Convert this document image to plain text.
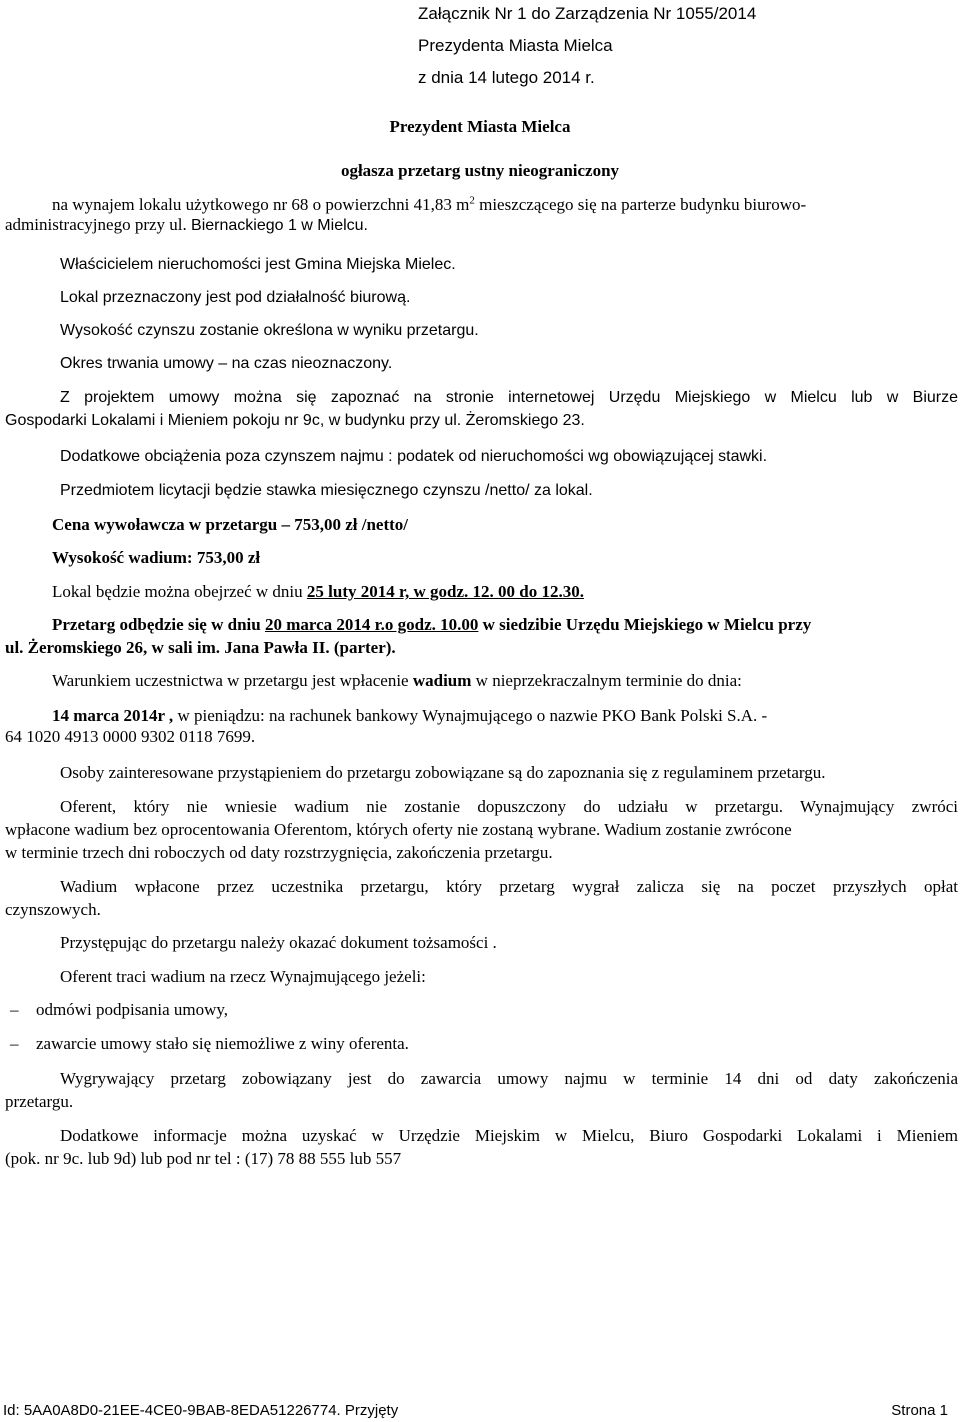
Załącznik Nr 1 do Zarządzenia Nr 1055/2014
Prezydenta Miasta Mielca
z dnia 14 lutego 2014 r.
Prezydent Miasta Mielca
ogłasza przetarg ustny nieograniczony
na wynajem lokalu użytkowego nr 68 o powierzchni 41,83 $m^2$ mieszczącego się na parterze budynku biurowo-
administracyjnego przy ul. Biernackiego 1 w Mielcu.
Właścicielem nieruchomości jest Gmina Miejska Mielec.
Lokal przeznaczony jest pod działalność biurową.
Wysokość czynszu zostanie określona w wyniku przetargu.
Okres trwania umowy – na czas nieoznaczony.
Z projektem umowy można się zapoznać na stronie internetowej Urzędu Miejskiego w Mielcu lub w Biurze
Gospodarki Lokalami i Mieniem pokoju nr 9c, w budynku przy ul. Żeromskiego 23.
Dodatkowe obciążenia poza czynszem najmu : podatek od nieruchomości wg obowiązującej stawki.
Przedmiotem licytacji będzie stawka miesięcznego czynszu /netto/ za lokal.
Cena wywoławcza w przetargu – 753,00 zł /netto/
Wysokość wadium: 753,00 zł
Lokal będzie można obejrzeć w dniu 25 luty 2014 r, w godz. 12. 00 do 12.30.
Przetarg odbędzie się w dniu 20 marca 2014 r.o godz. 10.00 w siedzibie Urzędu Miejskiego w Mielcu przy
ul. Żeromskiego 26, w sali im. Jana Pawła II. (parter).
Warunkiem uczestnictwa w przetargu jest wpłacenie wadium w nieprzekraczalnym terminie do dnia:
14 marca 2014r , w pieniądzu: na rachunek bankowy Wynajmującego o nazwie PKO Bank Polski S.A. -
64 1020 4913 0000 9302 0118 7699.
Osoby zainteresowane przystąpieniem do przetargu zobowiązane są do zapoznania się z regulaminem przetargu.
Oferent, który nie wniesie wadium nie zostanie dopuszczony do udziału w przetargu. Wynajmujący zwróci
wpłacone wadium bez oprocentowania Oferentom, których oferty nie zostaną wybrane. Wadium zostanie zwrócone
w terminie trzech dni roboczych od daty rozstrzygnięcia, zakończenia przetargu.
Wadium wpłacone przez uczestnika przetargu, który przetarg wygrał zalicza się na poczet przyszłych opłat
czynszowych.
Przystępując do przetargu należy okazać dokument tożsamości .
Oferent traci wadium na rzecz Wynajmującego jeżeli:
– odmówi podpisania umowy,
– zawarcie umowy stało się niemożliwe z winy oferenta.
Wygrywający przetarg zobowiązany jest do zawarcia umowy najmu w terminie 14 dni od daty zakończenia
przetargu.
Dodatkowe informacje można uzyskać w Urzędzie Miejskim w Mielcu, Biuro Gospodarki Lokalami i Mieniem
(pok. nr 9c. lub 9d) lub pod nr tel : (17) 78 88 555 lub 557
Id: 5AA0A8D0-21EE-4CE0-9BAB-8EDA51226774. Przyjęty	Strona 1
